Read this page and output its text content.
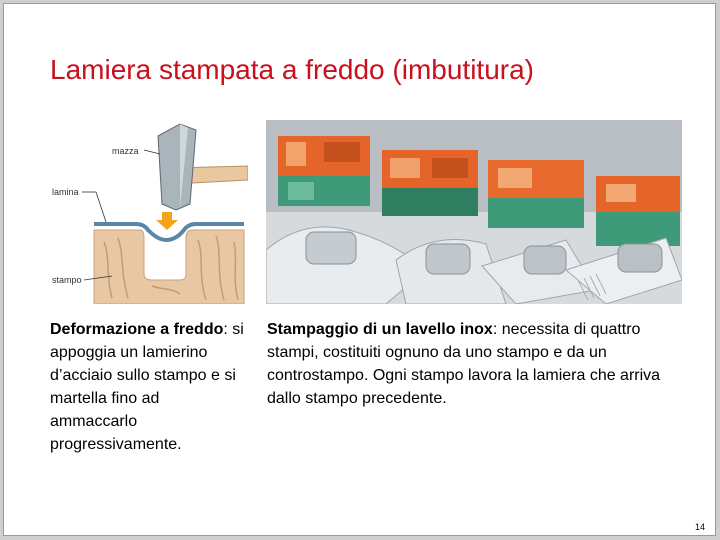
Lamiera stampata a freddo (imbutitura)
mazza
lamina
stampo
Deformazione a freddo: si appoggia un lamierino d’acciaio sullo stampo e si martella fino ad ammaccarlo progressivamente.
Stampaggio di un lavello inox: necessita di quattro stampi, costituiti ognuno da uno stampo e da un controstampo. Ogni stampo lavora la lamiera che arriva dallo stampo precedente.
14
